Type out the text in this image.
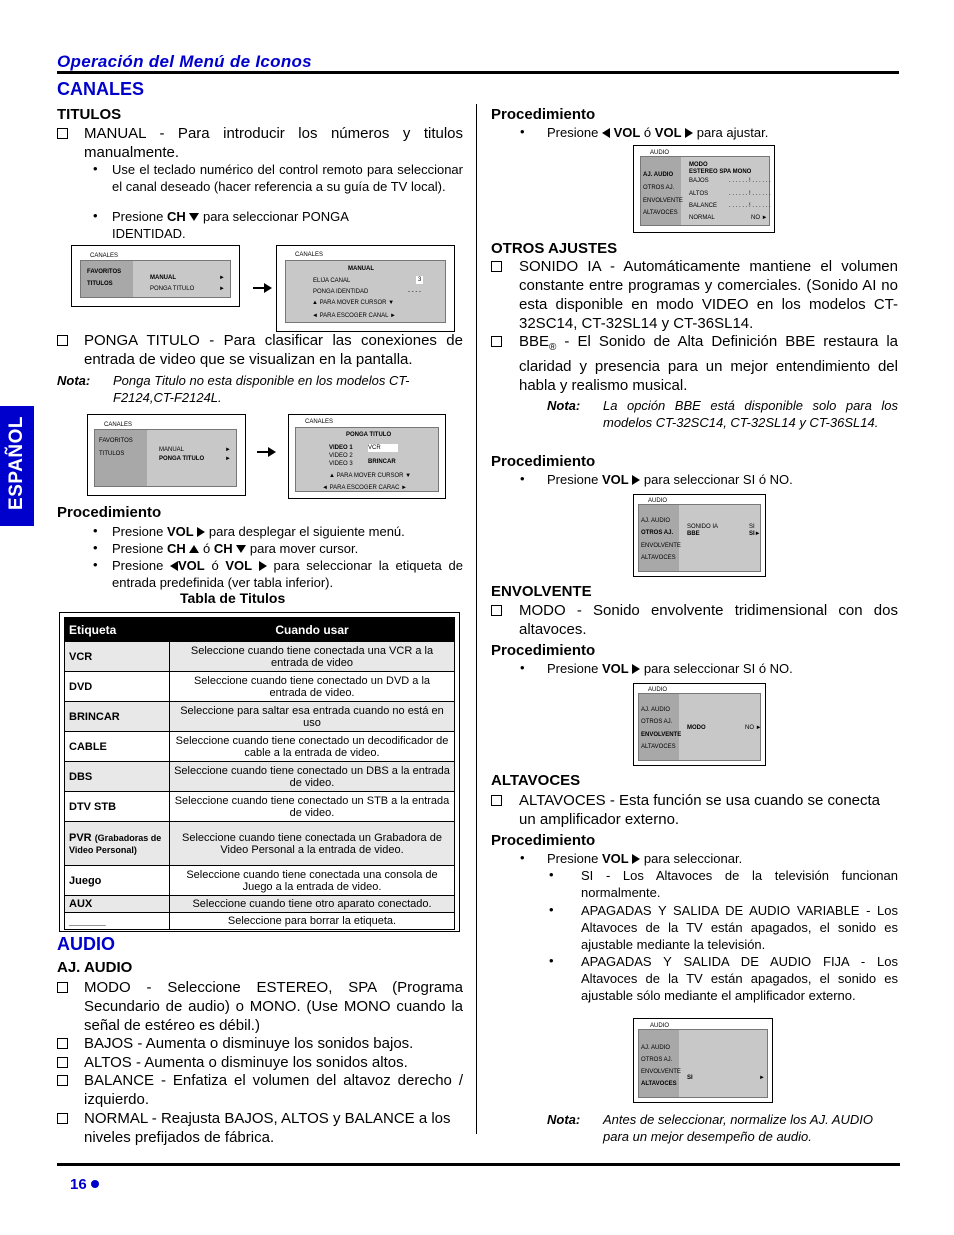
Operación del Menú de Iconos
ESPAÑOL
CANALES
TITULOS
MANUAL - Para introducir los números y titulos manualmente.
• Use el teclado numérico del control remoto para seleccionar el canal deseado (hacer referencia a su guía de TV local).
• Presione CH para seleccionar PONGA IDENTIDAD.
CANALES
FAVORITOS
TITULOS
MANUAL
PONGA TITULO
►
►
CANALES
MANUAL
ELIJA CANAL	3
PONGA IDENTIDAD	- - - -
▲ PARA MOVER CURSOR ▼
◄ PARA ESCOGER CANAL ►
PONGA TITULO - Para clasificar las conexiones de entrada de video que se visualizan en la pantalla.
Nota: Ponga Titulo no esta disponible en los modelos CT-F2124,CT-F2124L.
CANALES
FAVORITOS
TITULOS
MANUAL
PONGA TITULO
►
►
CANALES
PONGA TITULO
VIDEO 1
VIDEO 2
VIDEO 3
VCR
BRINCAR
▲ PARA MOVER CURSOR ▼
◄ PARA ESCOGER CARAC ►
Procedimiento
• Presione VOL para desplegar el siguiente menú.
• Presione CH ó CH para mover cursor.
• Presione VOL ó VOL para seleccionar la etiqueta de entrada predefinida (ver tabla inferior).
Tabla de Titulos
Etiqueta	Cuando usar
VCR	Seleccione cuando tiene conectada una VCR a la entrada de video
DVD	Seleccione cuando tiene conectado un DVD a la entrada de video.
BRINCAR	Seleccione para saltar esa entrada cuando no está en uso
CABLE	Seleccione cuando tiene conectado un decodificador de cable a la entrada de video.
DBS	Seleccione cuando tiene conectado un DBS a la entrada de video.
DTV STB	Seleccione cuando tiene conectado un STB a la entrada de video.
PVR (Grabadoras de Video Personal)	Seleccione cuando tiene conectada un Grabadora de Video Personal a la entrada de video.
Juego	Seleccione cuando tiene conectada una consola de Juego a la entrada de video.
AUX	Seleccione cuando tiene otro aparato conectado.
______	Seleccione para borrar la etiqueta.
AUDIO
AJ. AUDIO
MODO - Seleccione ESTEREO, SPA (Programa Secundario de audio) o MONO. (Use MONO cuando la señal de estéreo es débil.)
BAJOS - Aumenta o disminuye los sonidos bajos.
ALTOS - Aumenta o disminuye los sonidos altos.
BALANCE - Enfatiza el volumen del altavoz derecho / izquierdo.
NORMAL - Reajusta BAJOS, ALTOS y BALANCE a los niveles prefijados de fábrica.
Procedimiento
• Presione VOL ó VOL para ajustar.
AUDIO
AJ. AUDIO
OTROS AJ.
ENVOLVENTE
ALTAVOCES
MODO
ESTEREO SPA MONO
BAJOS
ALTOS
BALANCE
NORMAL
. . . . . . ! . . . . . .
. . . . . . ! . . . . . .
. . . . . . ! . . . . . .
NO ►
OTROS AJUSTES
SONIDO IA - Automáticamente mantiene el volumen constante entre programas y comerciales. (Sonido AI no esta disponible en modo VIDEO en los modelos CT-32SC14, CT-32SL14 y CT-36SL14.
$BBE_®$ - El Sonido de Alta Definición BBE restaura la claridad y presencia para un mejor entendimiento del habla y realismo musical.
Nota: La opción BBE está disponible solo para los modelos CT-32SC14, CT-32SL14 y CT-36SL14.
Procedimiento
• Presione VOL para seleccionar SI ó NO.
AUDIO
AJ. AUDIO
OTROS AJ.
ENVOLVENTE
ALTAVOCES
SONIDO IA
BBE
SI
SI►
ENVOLVENTE
MODO - Sonido envolvente tridimensional con dos altavoces.
Procedimiento
• Presione VOL para seleccionar SI ó NO.
AUDIO
AJ. AUDIO
OTROS AJ.
ENVOLVENTE
ALTAVOCES
MODO	NO ►
ALTAVOCES
ALTAVOCES - Esta función se usa cuando se conecta un amplificador externo.
Procedimiento
• Presione VOL para seleccionar.
• SI - Los Altavoces de la televisión funcionan normalmente.
• APAGADAS Y SALIDA DE AUDIO VARIABLE - Los Altavoces de la TV están apagados, el sonido es ajustable mediante la televisión.
• APAGADAS Y SALIDA DE AUDIO FIJA - Los Altavoces de la TV están apagados, el sonido es ajustable sólo mediante el amplificador externo.
AUDIO
AJ. AUDIO
OTROS AJ.
ENVOLVENTE
ALTAVOCES
SI	►
Nota: Antes de seleccionar, normalize los AJ. AUDIO para un mejor desempeño de audio.
16
